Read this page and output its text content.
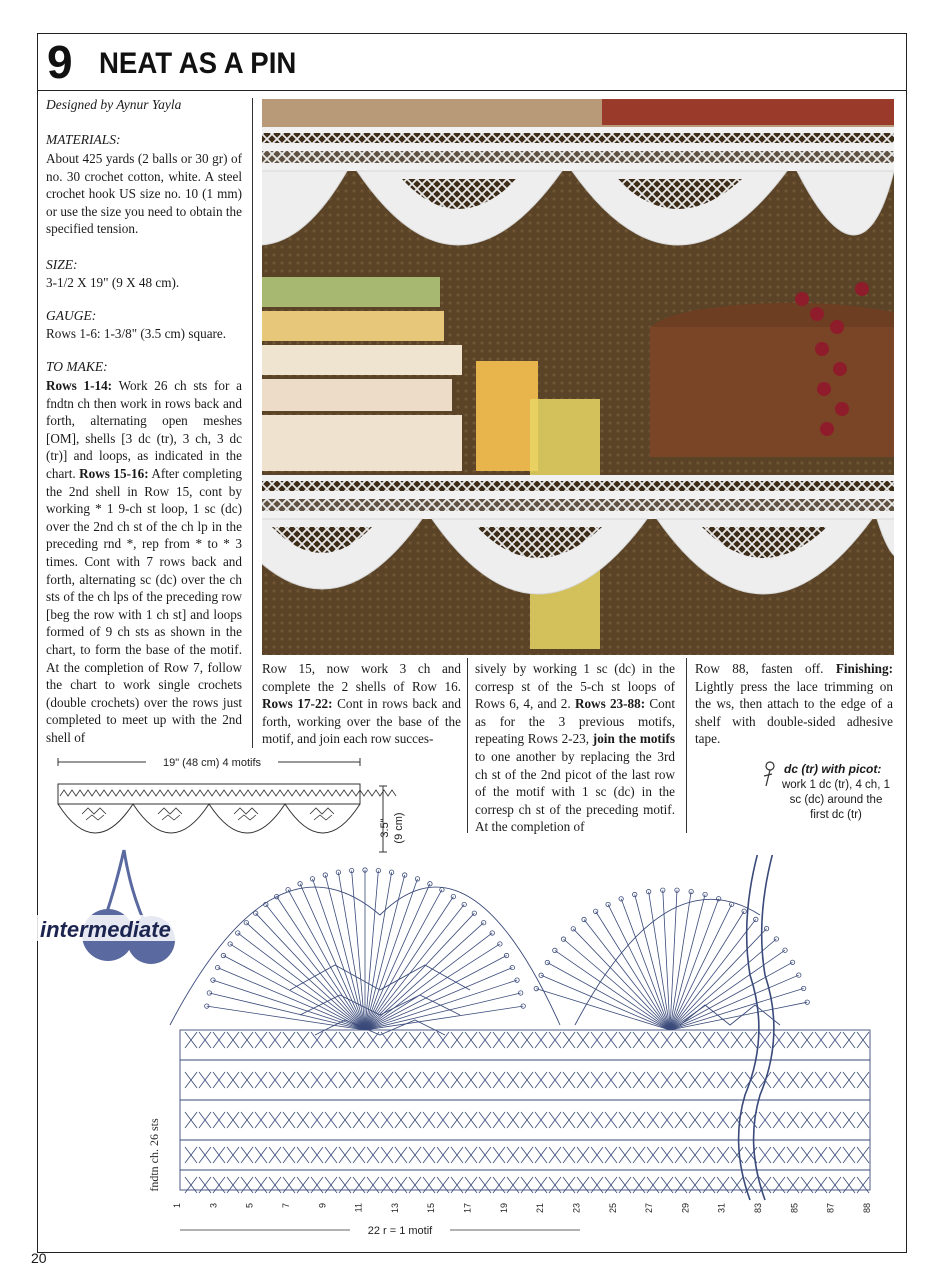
9 NEAT AS A PIN
Designed by Aynur Yayla
MATERIALS:
About 425 yards (2 balls or 30 gr) of no. 30 crochet cotton, white. A steel crochet hook US size no. 10 (1 mm) or use the size you need to obtain the specified tension.
SIZE:
3-1/2 X 19" (9 X 48 cm).
GAUGE:
Rows 1-6: 1-3/8" (3.5 cm) square.
TO MAKE:
Rows 1-14: Work 26 ch sts for a fndtn ch then work in rows back and forth, alternating open meshes [OM], shells [3 dc (tr), 3 ch, 3 dc (tr)] and loops, as indicated in the chart. Rows 15-16: After completing the 2nd shell in Row 15, cont by working * 1 9-ch st loop, 1 sc (dc) over the 2nd ch st of the ch lp in the preceding rnd *, rep from * to * 3 times. Cont with 7 rows back and forth, alternating sc (dc) over the ch sts of the ch lps of the preceding row [beg the row with 1 ch st] and loops formed of 9 ch sts as shown in the chart, to form the base of the motif. At the completion of Row 7, follow the chart to work single crochets (double crochets) over the rows just completed to meet up with the 2nd shell of
Row 15, now work 3 ch and complete the 2 shells of Row 16. Rows 17-22: Cont in rows back and forth, working over the base of the motif, and join each row succes-
sively by working 1 sc (dc) in the corresp st of the 5-ch st loops of Rows 6, 4, and 2. Rows 23-88: Cont as for the 3 previous motifs, repeating Rows 2-23, join the motifs to one another by replacing the 3rd ch st of the 2nd picot of the last row of the motif with 1 sc (dc) in the corresp ch st of the preceding motif. At the completion of
Row 88, fasten off. Finishing: Lightly press the lace trimming on the ws, then attach to the edge of a shelf with double-sided adhesive tape.
dc (tr) with picot:
work 1 dc (tr), 4 ch, 1 sc (dc) around the first dc (tr)
19" (48 cm) 4 motifs
3.5" (9 cm)
intermediate
fndtn ch. 26 sts
22 r = 1 motif
1	3	5	7	9	11	13	15	17	19	21	23	25	27	29	31	83	85	87	88
20
